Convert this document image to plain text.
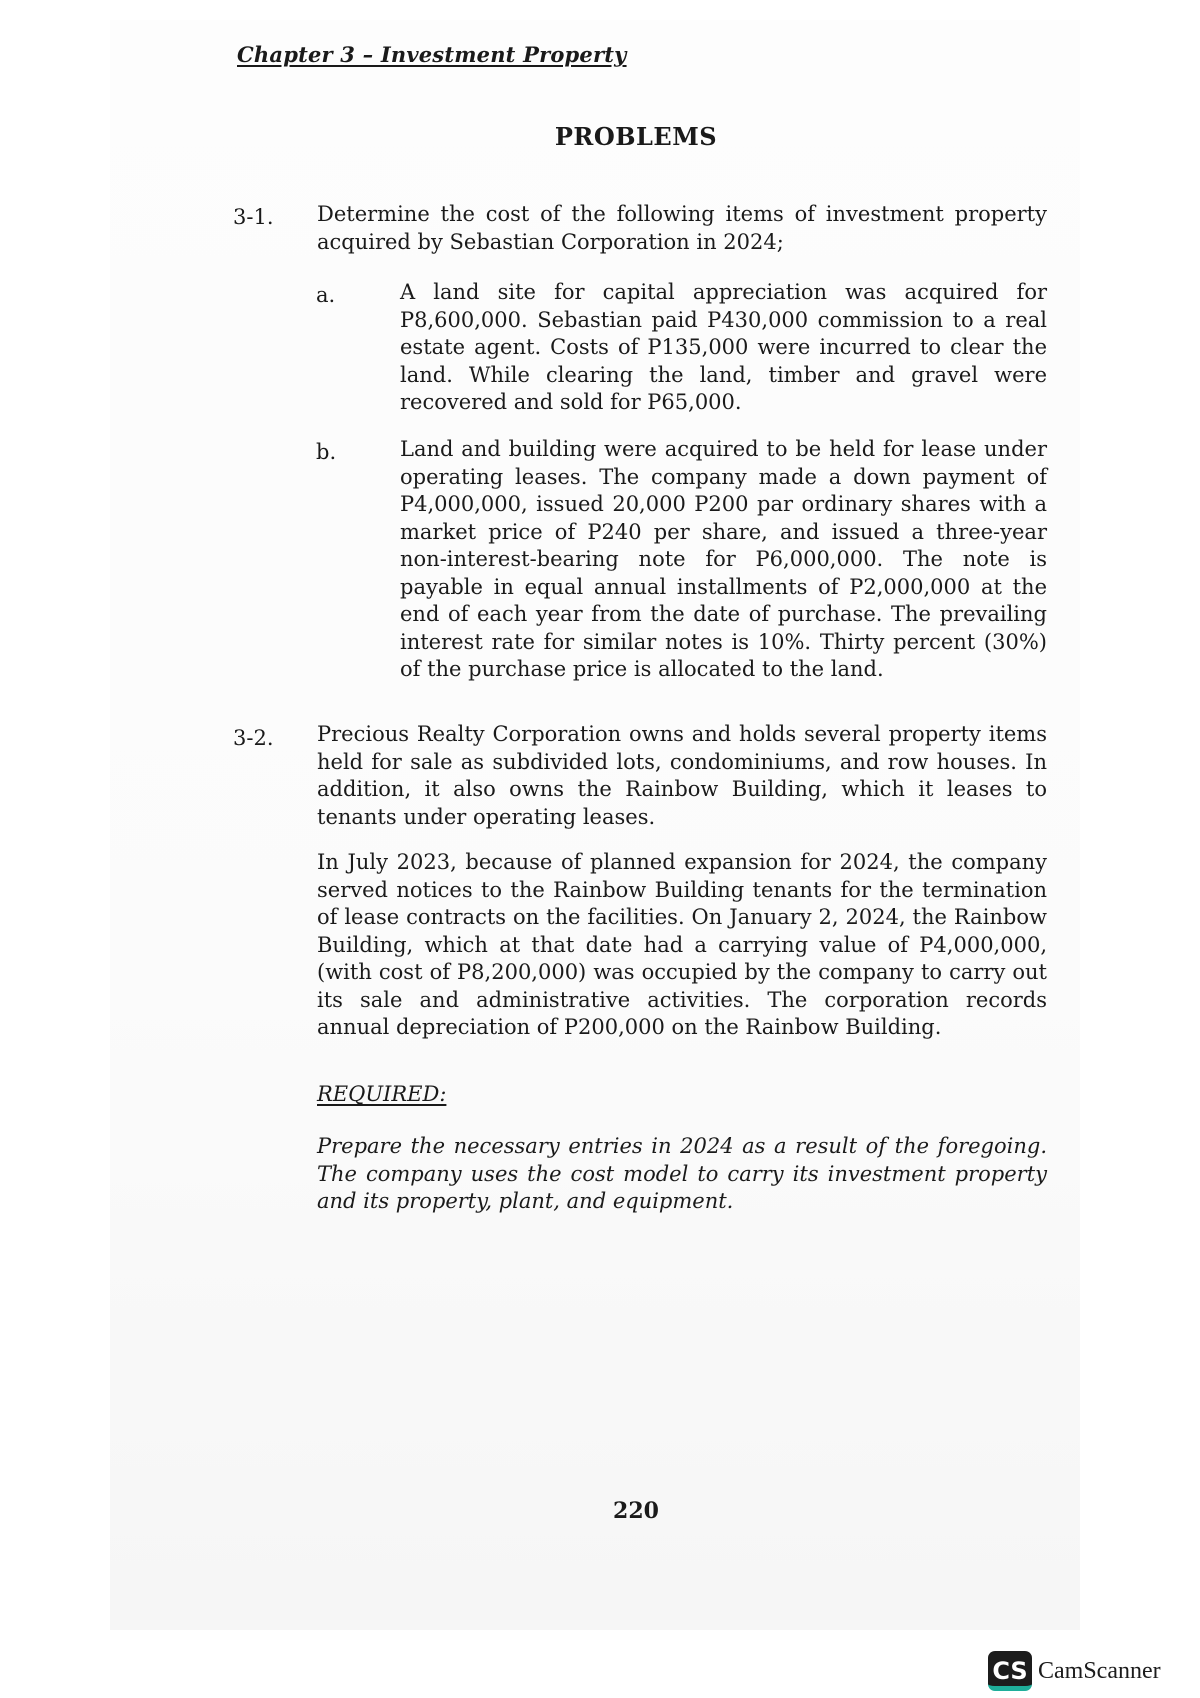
Chapter 3 – Investment Property
PROBLEMS
3-1. Determine the cost of the following items of investment property acquired by Sebastian Corporation in 2024;
a.	A land site for capital appreciation was acquired for P8,600,000. Sebastian paid P430,000 commission to a real estate agent. Costs of P135,000 were incurred to clear the land. While clearing the land, timber and gravel were recovered and sold for P65,000.
b.	Land and building were acquired to be held for lease under operating leases. The company made a down payment of P4,000,000, issued 20,000 P200 par ordinary shares with a market price of P240 per share, and issued a three-year non-interest-bearing note for P6,000,000. The note is payable in equal annual installments of P2,000,000 at the end of each year from the date of purchase. The prevailing interest rate for similar notes is 10%. Thirty percent (30%) of the purchase price is allocated to the land.
3-2. Precious Realty Corporation owns and holds several property items held for sale as subdivided lots, condominiums, and row houses. In addition, it also owns the Rainbow Building, which it leases to tenants under operating leases.
In July 2023, because of planned expansion for 2024, the company served notices to the Rainbow Building tenants for the termination of lease contracts on the facilities. On January 2, 2024, the Rainbow Building, which at that date had a carrying value of P4,000,000, (with cost of P8,200,000) was occupied by the company to carry out its sale and administrative activities. The corporation records annual depreciation of P200,000 on the Rainbow Building.
REQUIRED:
Prepare the necessary entries in 2024 as a result of the foregoing. The company uses the cost model to carry its investment property and its property, plant, and equipment.
220
CS CamScanner
